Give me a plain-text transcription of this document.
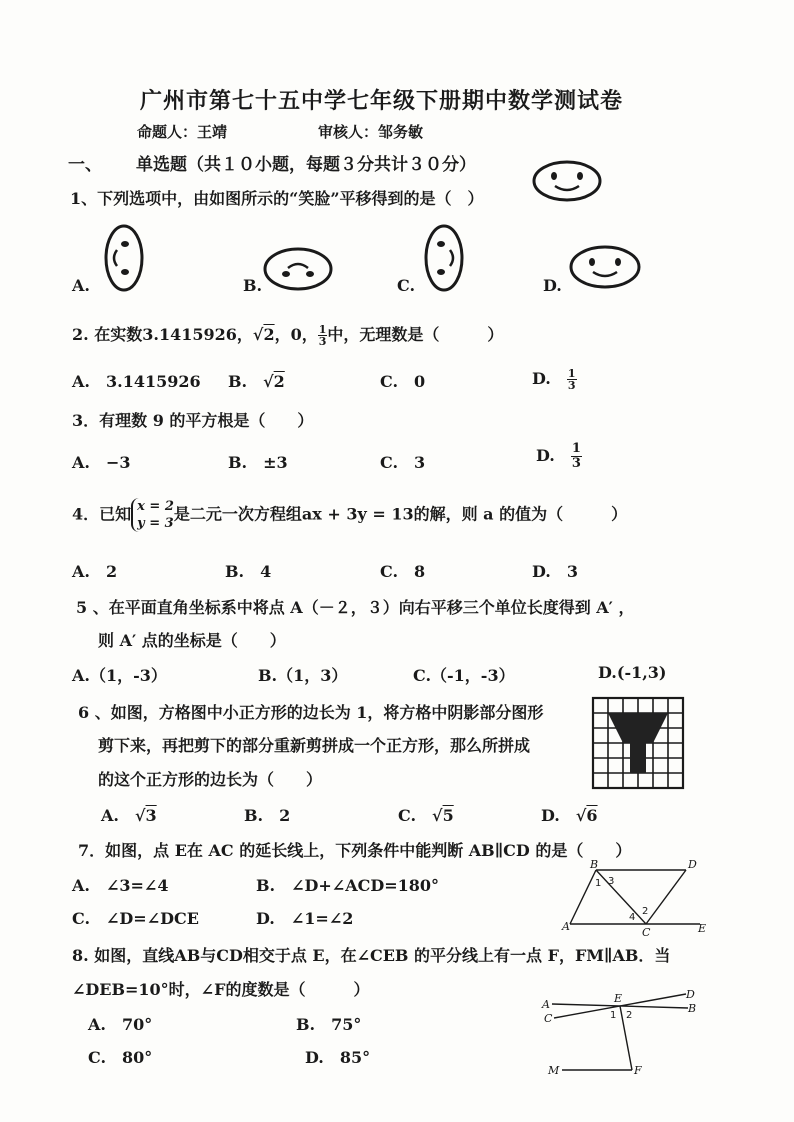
广州市第七十五中学七年级下册期中数学测试卷
命题人：王靖	审核人：邹务敏
一、 单选题（共１０小题，每题３分共计３０分）
1、下列选项中，由如图所示的“笑脸”平移得到的是（　）
A.	B.	C.	D.
2. 在实数3.1415926，√2，0， $\frac{1}{3}$ 中，无理数是（　　　）
A.　3.1415926 B.　√2	C.　0	D.　 $\frac{1}{3}$
3．有理数 9 的平方根是（　　）
A.　−3	B.　±3	C.　3	D.　 $\frac{1}{3}$
4．已知 x = 2
y = 3 是二元一次方程组ax + 3y = 13的解，则 a 的值为（　　　）
A.　2	B.　4	C.　8	D.　3
5 、在平面直角坐标系中将点 A（－２，３）向右平移三个单位长度得到 A′ ，
则 A′ 点的坐标是（　　）
A.（1，-3）	B.（1，3）	C.（-1，-3）	D.(-1,3)
6 、如图，方格图中小正方形的边长为 1，将方格中阴影部分图形
剪下来，再把剪下的部分重新剪拼成一个正方形，那么所拼成
的这个正方形的边长为（　　）
A.　√3	B.　2	C.　√5	D.　√6
7．如图，点 E在 AC 的延长线上，下列条件中能判断 AB∥CD 的是（　　）
A.　∠3=∠4	B.　∠D+∠ACD=180°
C.　∠D=∠DCE	D.　∠1=∠2
B	D
A	C	E
1 3
2
4
8. 如图，直线AB与CD相交于点 E，在∠CEB 的平分线上有一点 F，FM∥AB．当
∠DEB=10°时，∠F的度数是（　　　）
A.　70°	B.　75°
C.　80°	D.　85°
A
C
E	D
B
M	F
1 2
